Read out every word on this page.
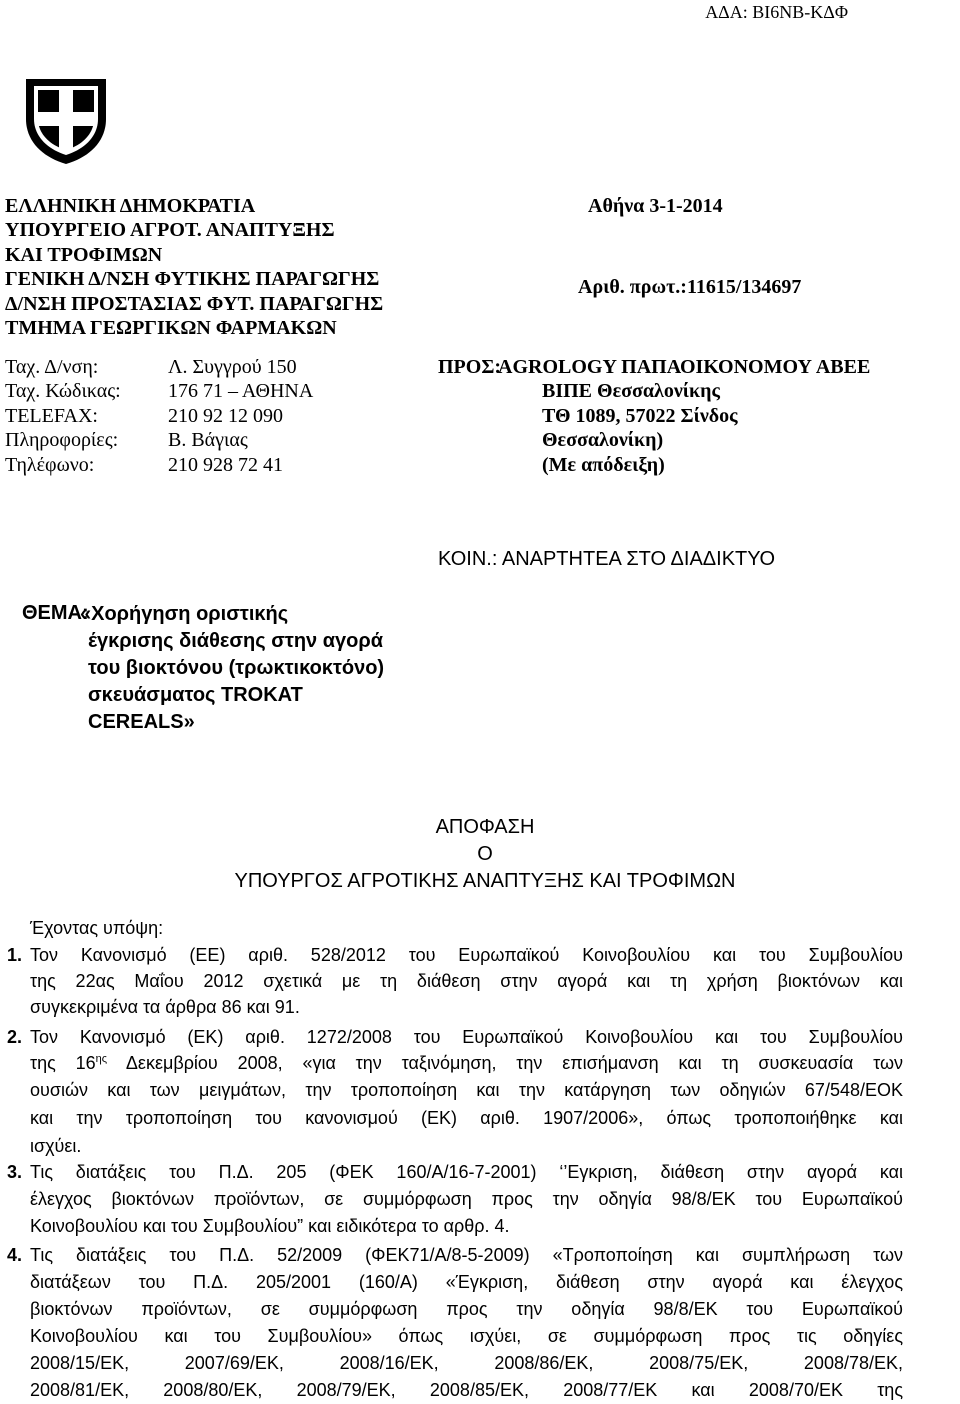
ΑΔΑ: ΒΙ6ΝΒ-ΚΔΦ
ΕΛΛΗΝΙΚΗ ΔΗΜΟΚΡΑΤΙΑ
ΥΠΟΥΡΓΕΙΟ ΑΓΡΟΤ. ΑΝΑΠΤΥΞΗΣ
ΚΑΙ ΤΡΟΦΙΜΩΝ
ΓΕΝΙΚΗ Δ/ΝΣΗ ΦΥΤΙΚΗΣ ΠΑΡΑΓΩΓΗΣ
Δ/ΝΣΗ ΠΡΟΣΤΑΣΙΑΣ ΦΥΤ. ΠΑΡΑΓΩΓΗΣ
ΤΜΗΜΑ ΓΕΩΡΓΙΚΩΝ ΦΑΡΜΑΚΩΝ
Αθήνα 3-1-2014
Αριθ. πρωτ.:11615/134697
Ταχ. Δ/νση:
Ταχ. Κώδικας:
TELEFAX:
Πληροφορίες:
Τηλέφωνο:
Λ. Συγγρού 150
176 71 – ΑΘΗΝΑ
210 92 12 090
Β. Βάγιας
210 928 72 41
ΠΡΟΣ:
AGROLOGY ΠΑΠΑΟΙΚΟΝΟΜΟΥ ΑΒΕΕ
ΒΙΠΕ Θεσσαλονίκης
ΤΘ 1089, 57022 Σίνδος
Θεσσαλονίκη)
(Με απόδειξη)
ΚΟΙΝ.: ΑΝΑΡΤΗΤΕΑ ΣΤΟ ΔΙΑΔΙΚΤΥΟ
ΘΕΜΑ:
«Χορήγηση οριστικής
έγκρισης διάθεσης στην αγορά
του βιοκτόνου (τρωκτικοκτόνο)
σκευάσματος TROKAT
CEREALS»
ΑΠΟΦΑΣΗ
Ο
ΥΠΟΥΡΓΟΣ ΑΓΡΟΤΙΚΗΣ ΑΝΑΠΤΥΞΗΣ ΚΑΙ ΤΡΟΦΙΜΩΝ
Έχοντας υπόψη:
1. Τον Κανονισμό (ΕΕ) αριθ. 528/2012 του Ευρωπαϊκού Κοινοβουλίου και του Συμβουλίου
της 22ας Μαΐου 2012 σχετικά με τη διάθεση στην αγορά και τη χρήση βιοκτόνων και
συγκεκριμένα τα άρθρα 86 και 91.
2. Τον Κανονισμό (ΕΚ) αριθ. 1272/2008 του Ευρωπαϊκού Κοινοβουλίου και του Συμβουλίου
της $16^{\eta\varsigma}$ Δεκεμβρίου 2008, «για την ταξινόμηση, την επισήμανση και τη συσκευασία των
ουσιών και των μειγμάτων, την τροποποίηση και την κατάργηση των οδηγιών 67/548/ΕΟΚ
και την τροποποίηση του κανονισμού (ΕΚ) αριθ. 1907/2006», όπως τροποποιήθηκε και
ισχύει.
3. Τις διατάξεις του Π.Δ. 205 (ΦΕΚ 160/Α/16-7-2001) ‘’Εγκριση, διάθεση στην αγορά και
έλεγχος βιοκτόνων προϊόντων, σε συμμόρφωση προς την οδηγία 98/8/ΕΚ του Ευρωπαϊκού
Κοινοβουλίου και του Συμβουλίου” και ειδικότερα το αρθρ. 4.
4. Τις διατάξεις του Π.Δ. 52/2009 (ΦΕΚ71/Α/8-5-2009) «Τροποποίηση και συμπλήρωση των
διατάξεων του Π.Δ. 205/2001 (160/Α) «Έγκριση, διάθεση στην αγορά και έλεγχος
βιοκτόνων προϊόντων, σε συμμόρφωση προς την οδηγία 98/8/ΕΚ του Ευρωπαϊκού
Κοινοβουλίου και του Συμβουλίου» όπως ισχύει, σε συμμόρφωση προς τις οδηγίες
2008/15/ΕΚ, 2007/69/ΕΚ, 2008/16/ΕΚ, 2008/86/ΕΚ, 2008/75/ΕΚ, 2008/78/ΕΚ,
2008/81/ΕΚ, 2008/80/ΕΚ, 2008/79/ΕΚ, 2008/85/ΕΚ, 2008/77/ΕΚ και 2008/70/ΕΚ της
